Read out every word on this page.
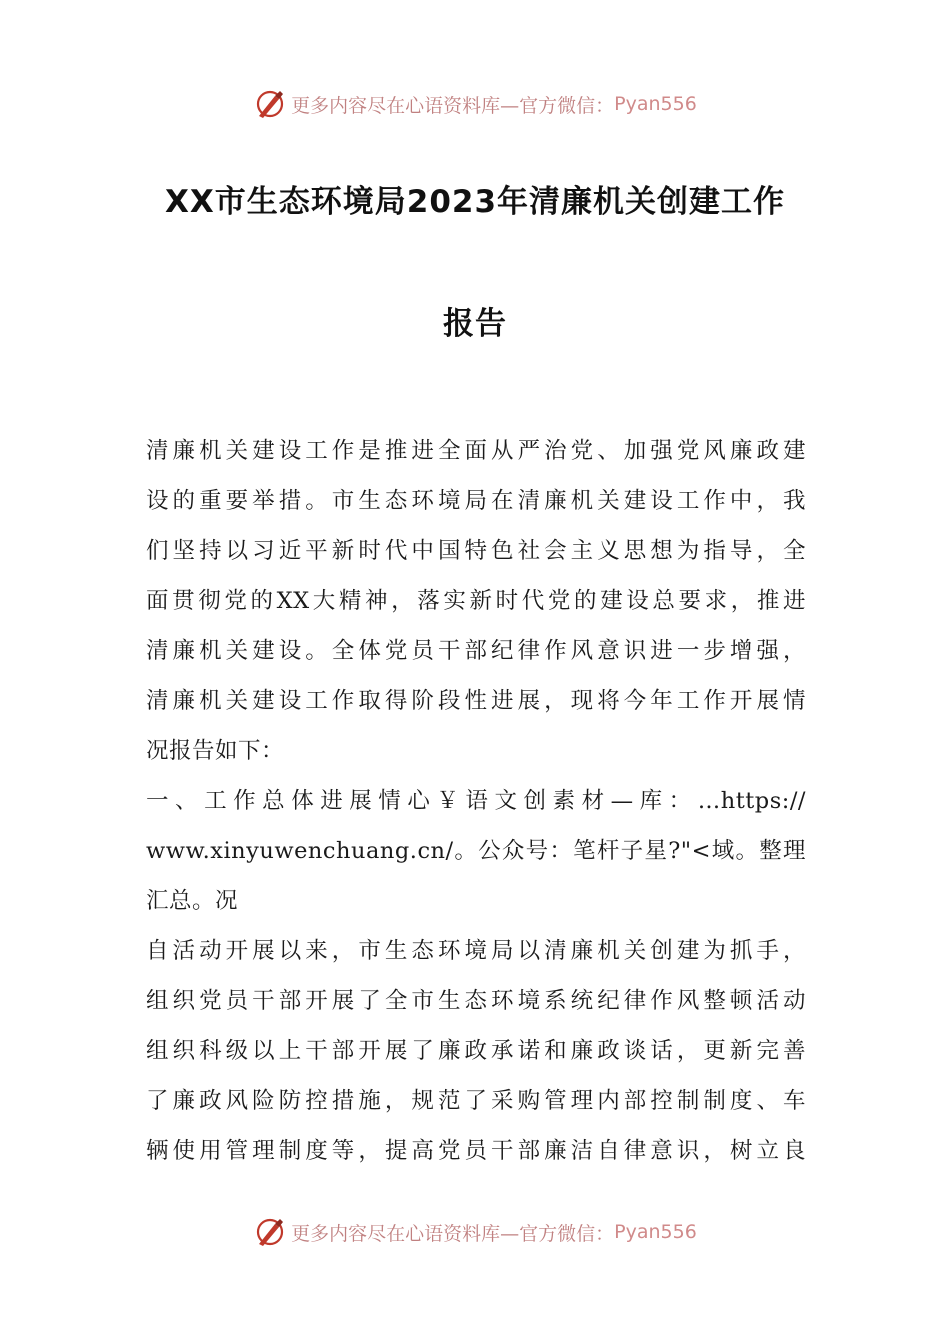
更多内容尽在心语资料库—官方微信： Pyan556
XX市生态环境局2023年清廉机关创建工作
报告
清廉机关建设工作是推进全面从严治党、加强党风廉政建
设的重要举措。市生态环境局在清廉机关建设工作中，我
们坚持以习近平新时代中国特色社会主义思想为指导，全
面贯彻党的XX大精神，落实新时代党的建设总要求，推进
清廉机关建设。全体党员干部纪律作风意识进一步增强，
清廉机关建设工作取得阶段性进展，现将今年工作开展情
况报告如下：
一、工作总体进展情心￥语文创素材—库：…https://
www.xinyuwenchuang.cn/。公众号：笔杆子星?"<域。整理
汇总。况
自活动开展以来，市生态环境局以清廉机关创建为抓手，
组织党员干部开展了全市生态环境系统纪律作风整顿活动
组织科级以上干部开展了廉政承诺和廉政谈话，更新完善
了廉政风险防控措施，规范了采购管理内部控制制度、车
辆使用管理制度等，提高党员干部廉洁自律意识，树立良
更多内容尽在心语资料库—官方微信： Pyan556
